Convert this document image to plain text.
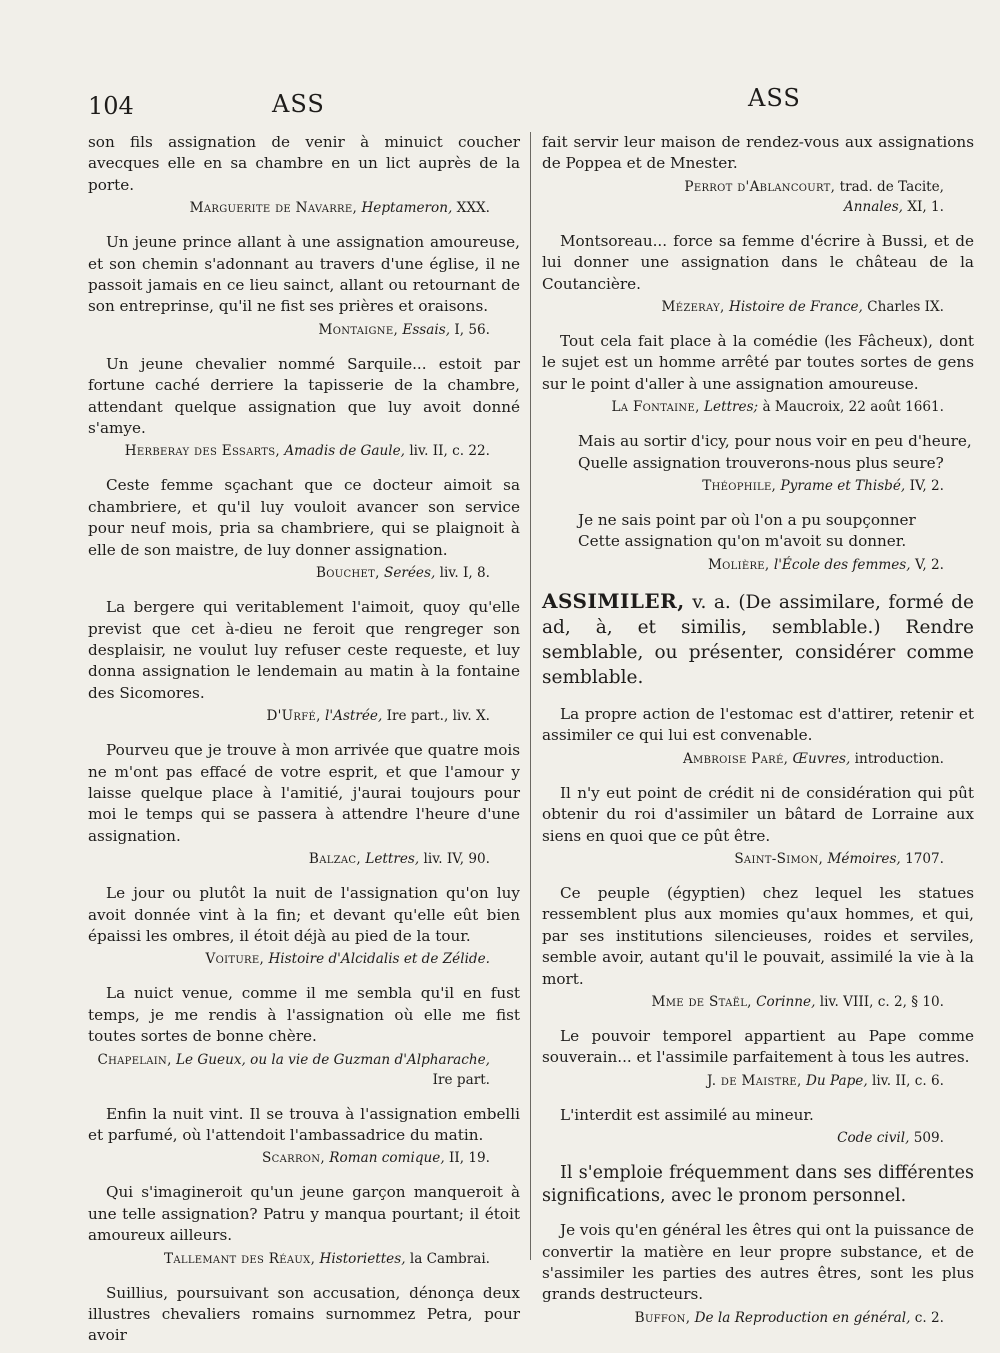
104	ASS	ASS

son fils assignation de venir à minuict coucher avecques elle en sa chambre en un lict auprès de la porte.

Marguerite de Navarre, Heptameron, XXX.

Un jeune prince allant à une assignation amoureuse, et son chemin s'adonnant au travers d'une église, il ne passoit jamais en ce lieu sainct, allant ou retournant de son entreprinse, qu'il ne fist ses prières et oraisons.

Montaigne, Essais, I, 56.

Un jeune chevalier nommé Sarquile... estoit par fortune caché derriere la tapisserie de la chambre, attendant quelque assignation que luy avoit donné s'amye.

Herberay des Essarts, Amadis de Gaule, liv. II, c. 22.

Ceste femme sçachant que ce docteur aimoit sa chambriere, et qu'il luy vouloit avancer son service pour neuf mois, pria sa chambriere, qui se plaignoit à elle de son maistre, de luy donner assignation.

Bouchet, Serées, liv. I, 8.

La bergere qui veritablement l'aimoit, quoy qu'elle previst que cet à-dieu ne feroit que rengreger son desplaisir, ne voulut luy refuser ceste requeste, et luy donna assignation le lendemain au matin à la fontaine des Sicomores.

D'Urfé, l'Astrée, Ire part., liv. X.

Pourveu que je trouve à mon arrivée que quatre mois ne m'ont pas effacé de votre esprit, et que l'amour y laisse quelque place à l'amitié, j'aurai toujours pour moi le temps qui se passera à attendre l'heure d'une assignation.

Balzac, Lettres, liv. IV, 90.

Le jour ou plutôt la nuit de l'assignation qu'on luy avoit donnée vint à la fin; et devant qu'elle eût bien épaissi les ombres, il étoit déjà au pied de la tour.

Voiture, Histoire d'Alcidalis et de Zélide.

La nuict venue, comme il me sembla qu'il en fust temps, je me rendis à l'assignation où elle me fist toutes sortes de bonne chère.

Chapelain, Le Gueux, ou la vie de Guzman d'Alpharache, Ire part.

Enfin la nuit vint. Il se trouva à l'assignation embelli et parfumé, où l'attendoit l'ambassadrice du matin.

Scarron, Roman comique, II, 19.

Qui s'imagineroit qu'un jeune garçon manqueroit à une telle assignation? Patru y manqua pourtant; il étoit amoureux ailleurs.

Tallemant des Réaux, Historiettes, la Cambrai.

Suillius, poursuivant son accusation, dénonça deux illustres chevaliers romains surnommez Petra, pour avoir

fait servir leur maison de rendez-vous aux assignations de Poppea et de Mnester.

Perrot d'Ablancourt, trad. de Tacite,
Annales, XI, 1.

Montsoreau... force sa femme d'écrire à Bussi, et de lui donner une assignation dans le château de la Coutancière.

Mézeray, Histoire de France, Charles IX.

Tout cela fait place à la comédie (les Fâcheux), dont le sujet est un homme arrêté par toutes sortes de gens sur le point d'aller à une assignation amoureuse.

La Fontaine, Lettres; à Maucroix, 22 août 1661.
Mais au sortir d'icy, pour nous voir en peu d'heure,
Quelle assignation trouverons-nous plus seure?
Théophile, Pyrame et Thisbé, IV, 2.
Je ne sais point par où l'on a pu soupçonner
Cette assignation qu'on m'avoit su donner.
Molière, l'École des femmes, V, 2.
ASSIMILER, v. a. (De assimilare, formé de ad, à, et similis, semblable.) Rendre semblable, ou présenter, considérer comme semblable.

La propre action de l'estomac est d'attirer, retenir et assimiler ce qui lui est convenable.

Ambroise Paré, Œuvres, introduction.

Il n'y eut point de crédit ni de considération qui pût obtenir du roi d'assimiler un bâtard de Lorraine aux siens en quoi que ce pût être.

Saint-Simon, Mémoires, 1707.

Ce peuple (égyptien) chez lequel les statues ressemblent plus aux momies qu'aux hommes, et qui, par ses institutions silencieuses, roides et serviles, semble avoir, autant qu'il le pouvait, assimilé la vie à la mort.

Mme de Staël, Corinne, liv. VIII, c. 2, § 10.

Le pouvoir temporel appartient au Pape comme souverain... et l'assimile parfaitement à tous les autres.

J. de Maistre, Du Pape, liv. II, c. 6.

L'interdit est assimilé au mineur.

Code civil, 509.

Il s'emploie fréquemment dans ses différentes significations, avec le pronom personnel.

Je vois qu'en général les êtres qui ont la puissance de convertir la matière en leur propre substance, et de s'assimiler les parties des autres êtres, sont les plus grands destructeurs.

Buffon, De la Reproduction en général, c. 2.
